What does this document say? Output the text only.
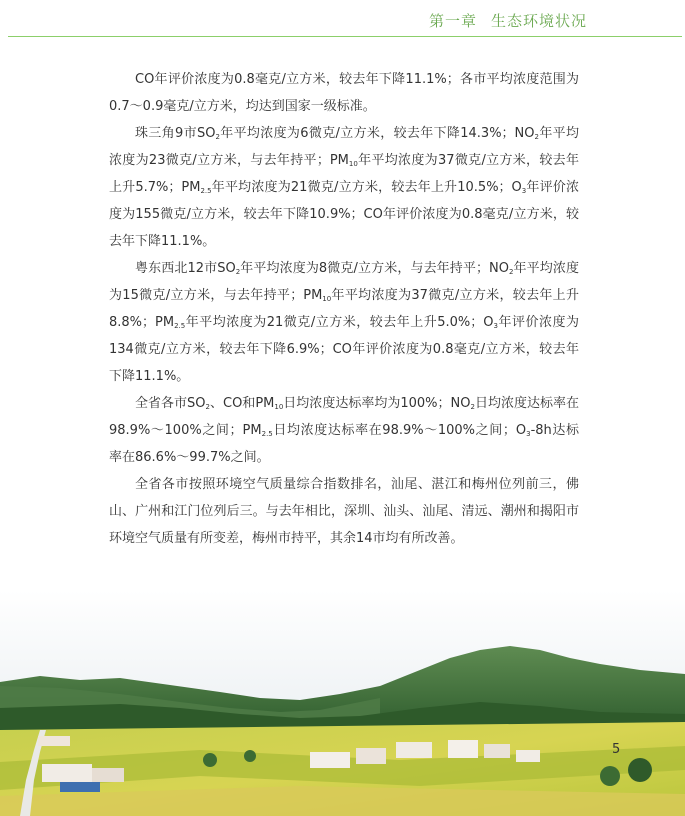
第一章 生态环境状况

CO年评价浓度为0.8毫克/立方米，较去年下降11.1%；各市平均浓度范围为0.7～0.9毫克/立方米，均达到国家一级标准。

珠三角9市$SO_2$年平均浓度为6微克/立方米，较去年下降14.3%；$NO_2$年平均浓度为23微克/立方米，与去年持平；$PM_{10}$年平均浓度为37微克/立方米，较去年上升5.7%；$PM_{2.5}$年平均浓度为21微克/立方米，较去年上升10.5%；$O_3$年评价浓度为155微克/立方米，较去年下降10.9%；CO年评价浓度为0.8毫克/立方米，较去年下降11.1%。

粤东西北12市$SO_2$年平均浓度为8微克/立方米，与去年持平；$NO_2$年平均浓度为15微克/立方米，与去年持平；$PM_{10}$年平均浓度为37微克/立方米，较去年上升8.8%；$PM_{2.5}$年平均浓度为21微克/立方米，较去年上升5.0%；$O_3$年评价浓度为134微克/立方米，较去年下降6.9%；CO年评价浓度为0.8毫克/立方米，较去年下降11.1%。

全省各市$SO_2$、CO和$PM_{10}$日均浓度达标率均为100%；$NO_2$日均浓度达标率在98.9%～100%之间；$PM_{2.5}$日均浓度达标率在98.9%～100%之间；$O_3-8h$达标率在86.6%～99.7%之间。

全省各市按照环境空气质量综合指数排名，汕尾、湛江和梅州位列前三，佛山、广州和江门位列后三。与去年相比，深圳、汕头、汕尾、清远、潮州和揭阳市环境空气质量有所变差，梅州市持平，其余14市均有所改善。

5
